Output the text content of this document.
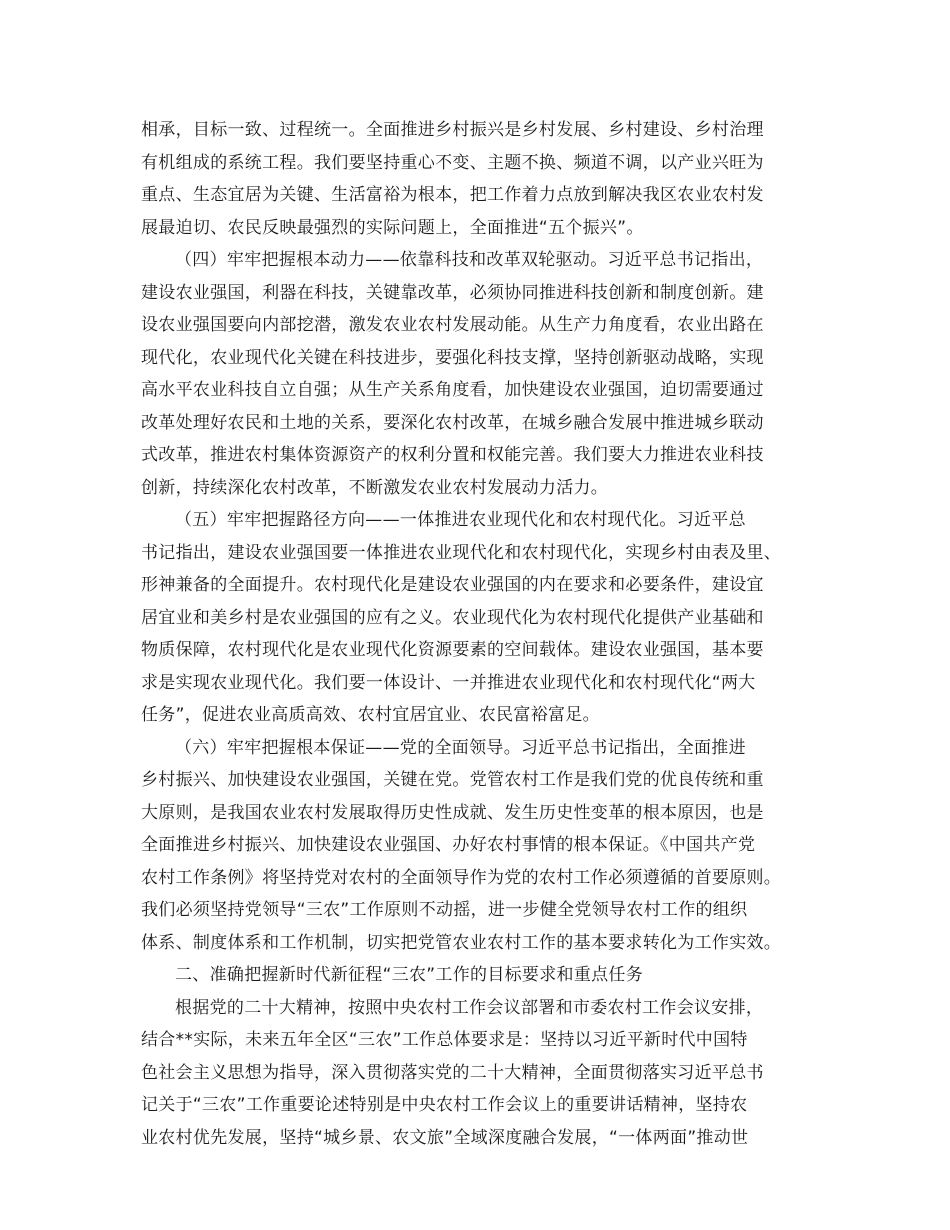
相承，目标一致、过程统一。全面推进乡村振兴是乡村发展、乡村建设、乡村治理
有机组成的系统工程。我们要坚持重心不变、主题不换、频道不调，以产业兴旺为
重点、生态宜居为关键、生活富裕为根本，把工作着力点放到解决我区农业农村发
展最迫切、农民反映最强烈的实际问题上，全面推进“五个振兴”。
（四）牢牢把握根本动力——依靠科技和改革双轮驱动。习近平总书记指出，
建设农业强国，利器在科技，关键靠改革，必须协同推进科技创新和制度创新。建
设农业强国要向内部挖潜，激发农业农村发展动能。从生产力角度看，农业出路在
现代化，农业现代化关键在科技进步，要强化科技支撑，坚持创新驱动战略，实现
高水平农业科技自立自强；从生产关系角度看，加快建设农业强国，迫切需要通过
改革处理好农民和土地的关系，要深化农村改革，在城乡融合发展中推进城乡联动
式改革，推进农村集体资源资产的权利分置和权能完善。我们要大力推进农业科技
创新，持续深化农村改革，不断激发农业农村发展动力活力。
（五）牢牢把握路径方向——一体推进农业现代化和农村现代化。习近平总
书记指出，建设农业强国要一体推进农业现代化和农村现代化，实现乡村由表及里、
形神兼备的全面提升。农村现代化是建设农业强国的内在要求和必要条件，建设宜
居宜业和美乡村是农业强国的应有之义。农业现代化为农村现代化提供产业基础和
物质保障，农村现代化是农业现代化资源要素的空间载体。建设农业强国，基本要
求是实现农业现代化。我们要一体设计、一并推进农业现代化和农村现代化“两大
任务”，促进农业高质高效、农村宜居宜业、农民富裕富足。
（六）牢牢把握根本保证——党的全面领导。习近平总书记指出，全面推进
乡村振兴、加快建设农业强国，关键在党。党管农村工作是我们党的优良传统和重
大原则，是我国农业农村发展取得历史性成就、发生历史性变革的根本原因，也是
全面推进乡村振兴、加快建设农业强国、办好农村事情的根本保证。《中国共产党
农村工作条例》将坚持党对农村的全面领导作为党的农村工作必须遵循的首要原则。
我们必须坚持党领导“三农”工作原则不动摇，进一步健全党领导农村工作的组织
体系、制度体系和工作机制，切实把党管农业农村工作的基本要求转化为工作实效。
二、准确把握新时代新征程“三农”工作的目标要求和重点任务
根据党的二十大精神，按照中央农村工作会议部署和市委农村工作会议安排，
结合**实际，未来五年全区“三农”工作总体要求是：坚持以习近平新时代中国特
色社会主义思想为指导，深入贯彻落实党的二十大精神，全面贯彻落实习近平总书
记关于“三农”工作重要论述特别是中央农村工作会议上的重要讲话精神，坚持农
业农村优先发展，坚持“城乡景、农文旅”全域深度融合发展，“一体两面”推动世
